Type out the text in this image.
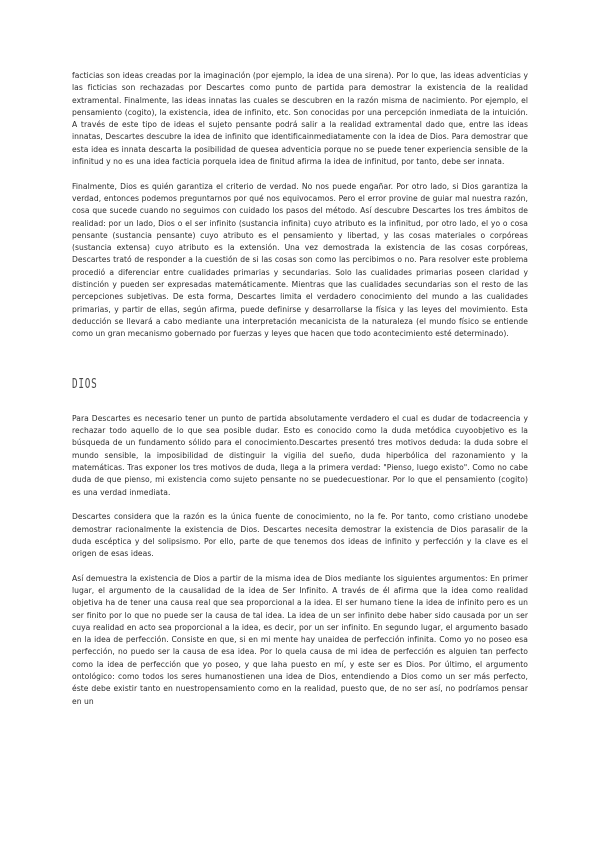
facticias son ideas creadas por la imaginación (por ejemplo, la idea de una sirena). Por lo que, las ideas adventicias y las ficticias son rechazadas por Descartes como punto de partida para demostrar la existencia de la realidad extramental. Finalmente, las ideas innatas las cuales se descubren en la razón misma de nacimiento. Por ejemplo, el pensamiento (cogito), la existencia, idea de infinito, etc. Son conocidas por una percepción inmediata de la intuición. A través de este tipo de ideas el sujeto pensante podrá salir a la realidad extramental dado que, entre las ideas innatas, Descartes descubre la idea de infinito que identificainmediatamente con la idea de Dios. Para demostrar que esta idea es innata descarta la posibilidad de quesea adventicia porque no se puede tener experiencia sensible de la infinitud y no es una idea facticia porquela idea de finitud afirma la idea de infinitud, por tanto, debe ser innata.

Finalmente, Dios es quién garantiza el criterio de verdad. No nos puede engañar. Por otro lado, si Dios garantiza la verdad, entonces podemos preguntarnos por qué nos equivocamos. Pero el error provine de guiar mal nuestra razón, cosa que sucede cuando no seguimos con cuidado los pasos del método. Así descubre Descartes los tres ámbitos de realidad: por un lado, Dios o el ser infinito (sustancia infinita) cuyo atributo es la infinitud, por otro lado, el yo o cosa pensante (sustancia pensante) cuyo atributo es el pensamiento y libertad, y las cosas materiales o corpóreas (sustancia extensa) cuyo atributo es la extensión. Una vez demostrada la existencia de las cosas corpóreas, Descartes trató de responder a la cuestión de si las cosas son como las percibimos o no. Para resolver este problema procedió a diferenciar entre cualidades primarias y secundarias. Solo las cualidades primarias poseen claridad y distinción y pueden ser expresadas matemáticamente. Mientras que las cualidades secundarias son el resto de las percepciones subjetivas. De esta forma, Descartes limita el verdadero conocimiento del mundo a las cualidades primarias, y partir de ellas, según afirma, puede definirse y desarrollarse la física y las leyes del movimiento. Esta deducción se llevará a cabo mediante una interpretación mecanicista de la naturaleza (el mundo físico se entiende como un gran mecanismo gobernado por fuerzas y leyes que hacen que todo acontecimiento esté determinado).

DIOS

Para Descartes es necesario tener un punto de partida absolutamente verdadero el cual es dudar de todacreencia y rechazar todo aquello de lo que sea posible dudar. Esto es conocido como la duda metódica cuyoobjetivo es la búsqueda de un fundamento sólido para el conocimiento.Descartes presentó tres motivos deduda: la duda sobre el mundo sensible, la imposibilidad de distinguir la vigilia del sueño, duda hiperbólica del razonamiento y la matemáticas. Tras exponer los tres motivos de duda, llega a la primera verdad: "Pienso, luego existo". Como no cabe duda de que pienso, mi existencia como sujeto pensante no se puedecuestionar. Por lo que el pensamiento (cogito) es una verdad inmediata.

Descartes considera que la razón es la única fuente de conocimiento, no la fe. Por tanto, como cristiano unodebe demostrar racionalmente la existencia de Dios. Descartes necesita demostrar la existencia de Dios parasalir de la duda escéptica y del solipsismo. Por ello, parte de que tenemos dos ideas de infinito y perfección y la clave es el origen de esas ideas.

Así demuestra la existencia de Dios a partir de la misma idea de Dios mediante los siguientes argumentos: En primer lugar, el argumento de la causalidad de la idea de Ser Infinito. A través de él afirma que la idea como realidad objetiva ha de tener una causa real que sea proporcional a la idea. El ser humano tiene la idea de infinito pero es un ser finito por lo que no puede ser la causa de tal idea. La idea de un ser infinito debe haber sido causada por un ser cuya realidad en acto sea proporcional a la idea, es decir, por un ser infinito. En segundo lugar, el argumento basado en la idea de perfección. Consiste en que, si en mi mente hay unaidea de perfección infinita. Como yo no poseo esa perfección, no puedo ser la causa de esa idea. Por lo quela causa de mi idea de perfección es alguien tan perfecto como la idea de perfección que yo poseo, y que laha puesto en mí, y este ser es Dios. Por último, el argumento ontológico: como todos los seres humanostienen una idea de Dios, entendiendo a Dios como un ser más perfecto, éste debe existir tanto en nuestropensamiento como en la realidad, puesto que, de no ser así, no podríamos pensar en un
